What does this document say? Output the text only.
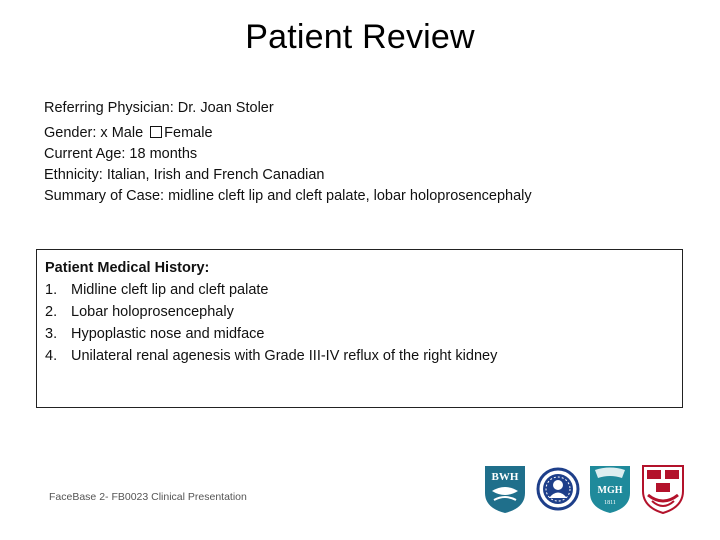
Patient Review
Referring Physician: Dr. Joan Stoler
Gender: x Male Female
Current Age: 18 months
Ethnicity: Italian, Irish and French Canadian
Summary of Case: midline cleft lip and cleft palate, lobar holoprosencephaly
Patient Medical History:
1. Midline cleft lip and cleft palate
2. Lobar holoprosencephaly
3. Hypoplastic nose and midface
4. Unilateral renal agenesis with Grade III-IV reflux of the right kidney
FaceBase 2- FB0023 Clinical Presentation
BWH
MGH
1811
